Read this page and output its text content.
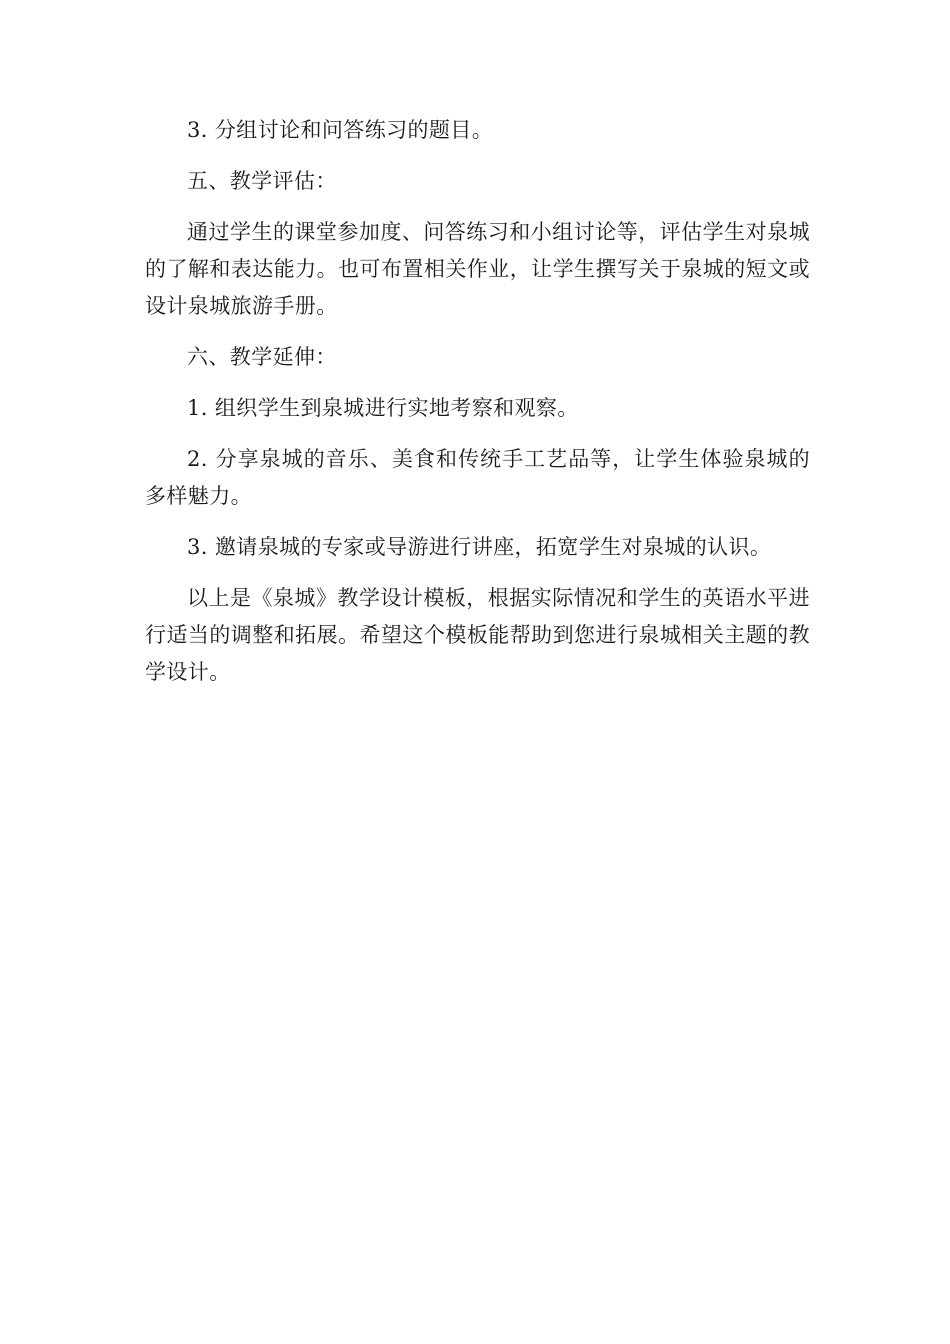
3. 分组讨论和问答练习的题目。

五、教学评估：

通过学生的课堂参加度、问答练习和小组讨论等，评估学生对泉城的了解和表达能力。也可布置相关作业，让学生撰写关于泉城的短文或设计泉城旅游手册。

六、教学延伸：

1. 组织学生到泉城进行实地考察和观察。

2. 分享泉城的音乐、美食和传统手工艺品等，让学生体验泉城的多样魅力。

3. 邀请泉城的专家或导游进行讲座，拓宽学生对泉城的认识。

以上是《泉城》教学设计模板，根据实际情况和学生的英语水平进行适当的调整和拓展。希望这个模板能帮助到您进行泉城相关主题的教学设计。
